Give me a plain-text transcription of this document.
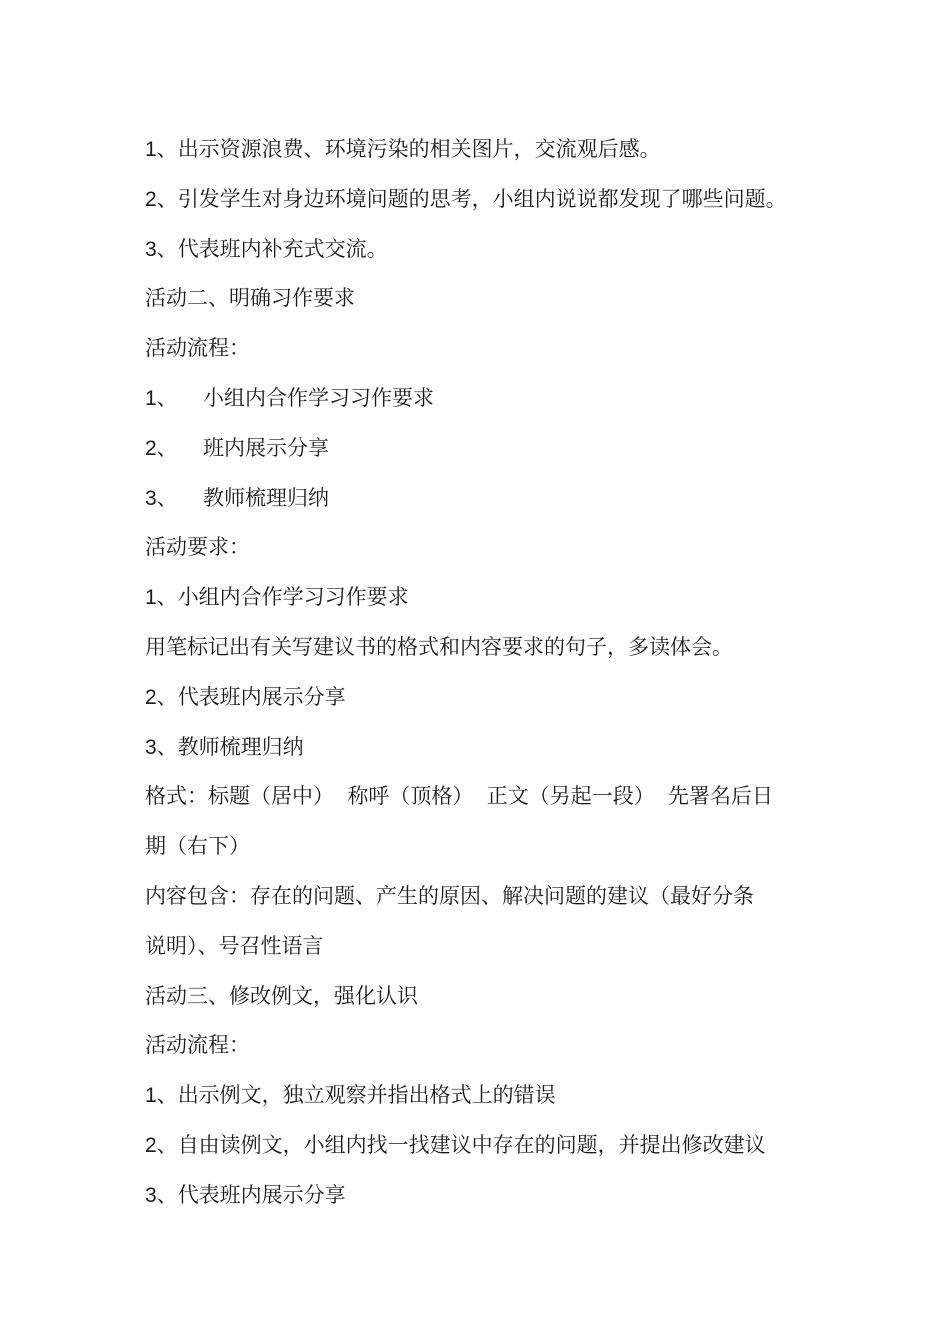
1、出示资源浪费、环境污染的相关图片，交流观后感。
2、引发学生对身边环境问题的思考，小组内说说都发现了哪些问题。
3、代表班内补充式交流。
活动二、明确习作要求
活动流程：
1、 小组内合作学习习作要求
2、 班内展示分享
3、 教师梳理归纳
活动要求：
1、小组内合作学习习作要求
用笔标记出有关写建议书的格式和内容要求的句子，多读体会。
2、代表班内展示分享
3、教师梳理归纳
格式：标题（居中）  称呼（顶格）  正文（另起一段）  先署名后日
期（右下）
内容包含：存在的问题、产生的原因、解决问题的建议（最好分条
说明）、号召性语言
活动三、修改例文，强化认识
活动流程：
1、出示例文，独立观察并指出格式上的错误
2、自由读例文，小组内找一找建议中存在的问题，并提出修改建议
3、代表班内展示分享
